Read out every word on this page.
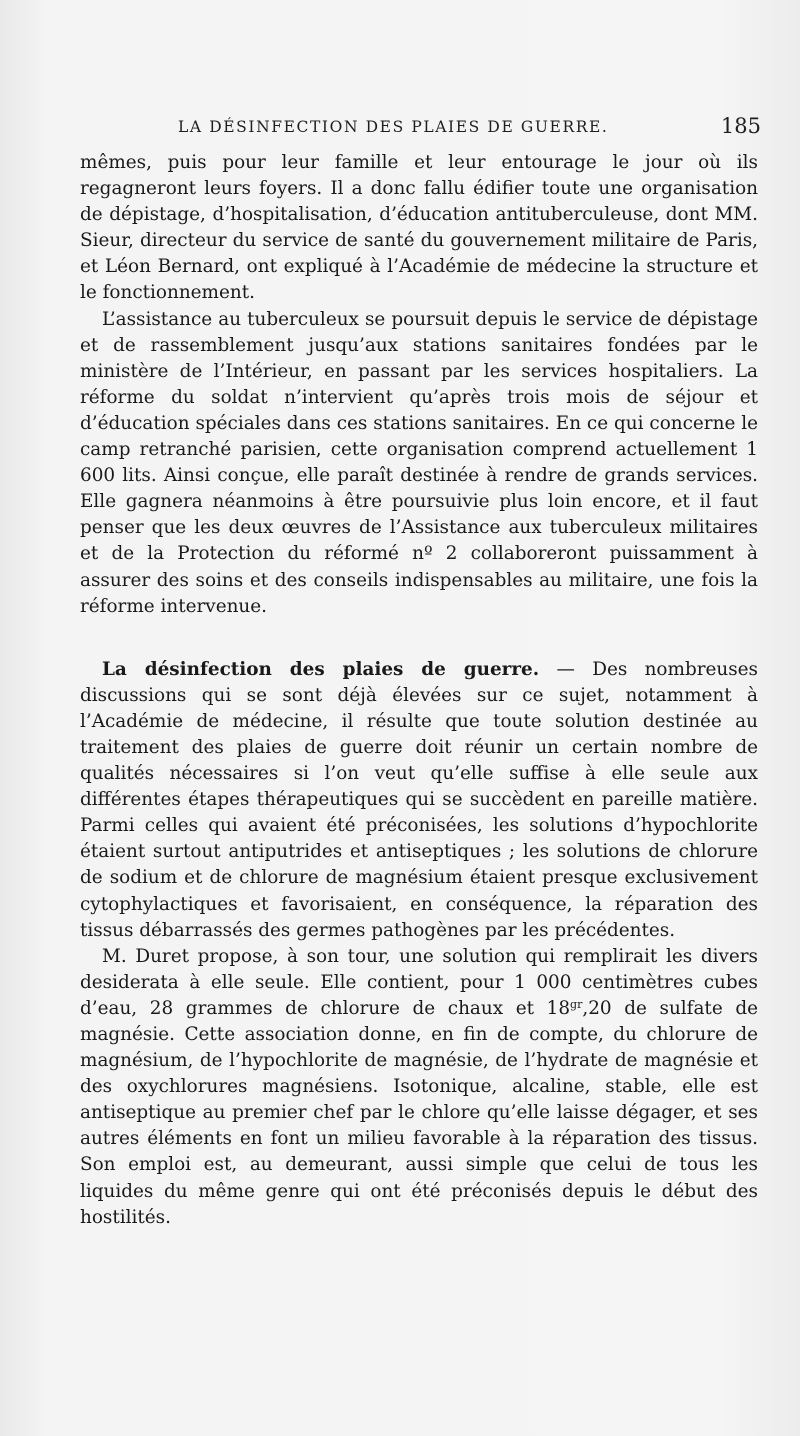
LA DÉSINFECTION DES PLAIES DE GUERRE.	185

mêmes, puis pour leur famille et leur entourage le jour où ils regagneront leurs foyers. Il a donc fallu édifier toute une organisation de dépistage, d’hospitalisation, d’éducation antituberculeuse, dont MM. Sieur, directeur du service de santé du gouvernement militaire de Paris, et Léon Bernard, ont expliqué à l’Académie de médecine la structure et le fonctionnement.

L’assistance au tuberculeux se poursuit depuis le service de dépistage et de rassemblement jusqu’aux stations sanitaires fondées par le ministère de l’Intérieur, en passant par les services hospitaliers. La réforme du soldat n’intervient qu’après trois mois de séjour et d’éducation spéciales dans ces stations sanitaires. En ce qui concerne le camp retranché parisien, cette organisation comprend actuellement 1 600 lits. Ainsi conçue, elle paraît destinée à rendre de grands services. Elle gagnera néanmoins à être poursuivie plus loin encore, et il faut penser que les deux œuvres de l’Assistance aux tuberculeux militaires et de la Protection du réformé nº 2 collaboreront puissamment à assurer des soins et des conseils indispensables au militaire, une fois la réforme intervenue.

La désinfection des plaies de guerre. — Des nombreuses discussions qui se sont déjà élevées sur ce sujet, notamment à l’Académie de médecine, il résulte que toute solution destinée au traitement des plaies de guerre doit réunir un certain nombre de qualités nécessaires si l’on veut qu’elle suffise à elle seule aux différentes étapes thérapeutiques qui se succèdent en pareille matière. Parmi celles qui avaient été préconisées, les solutions d’hypochlorite étaient surtout antiputrides et antiseptiques ; les solutions de chlorure de sodium et de chlorure de magnésium étaient presque exclusivement cytophylactiques et favorisaient, en conséquence, la réparation des tissus débarrassés des germes pathogènes par les précédentes.

M. Duret propose, à son tour, une solution qui remplirait les divers desiderata à elle seule. Elle contient, pour 1 000 centimètres cubes d’eau, 28 grammes de chlorure de chaux et $18^{gr},20$ de sulfate de magnésie. Cette association donne, en fin de compte, du chlorure de magnésium, de l’hypochlorite de magnésie, de l’hydrate de magnésie et des oxychlorures magnésiens. Isotonique, alcaline, stable, elle est antiseptique au premier chef par le chlore qu’elle laisse dégager, et ses autres éléments en font un milieu favorable à la réparation des tissus. Son emploi est, au demeurant, aussi simple que celui de tous les liquides du même genre qui ont été préconisés depuis le début des hostilités.
